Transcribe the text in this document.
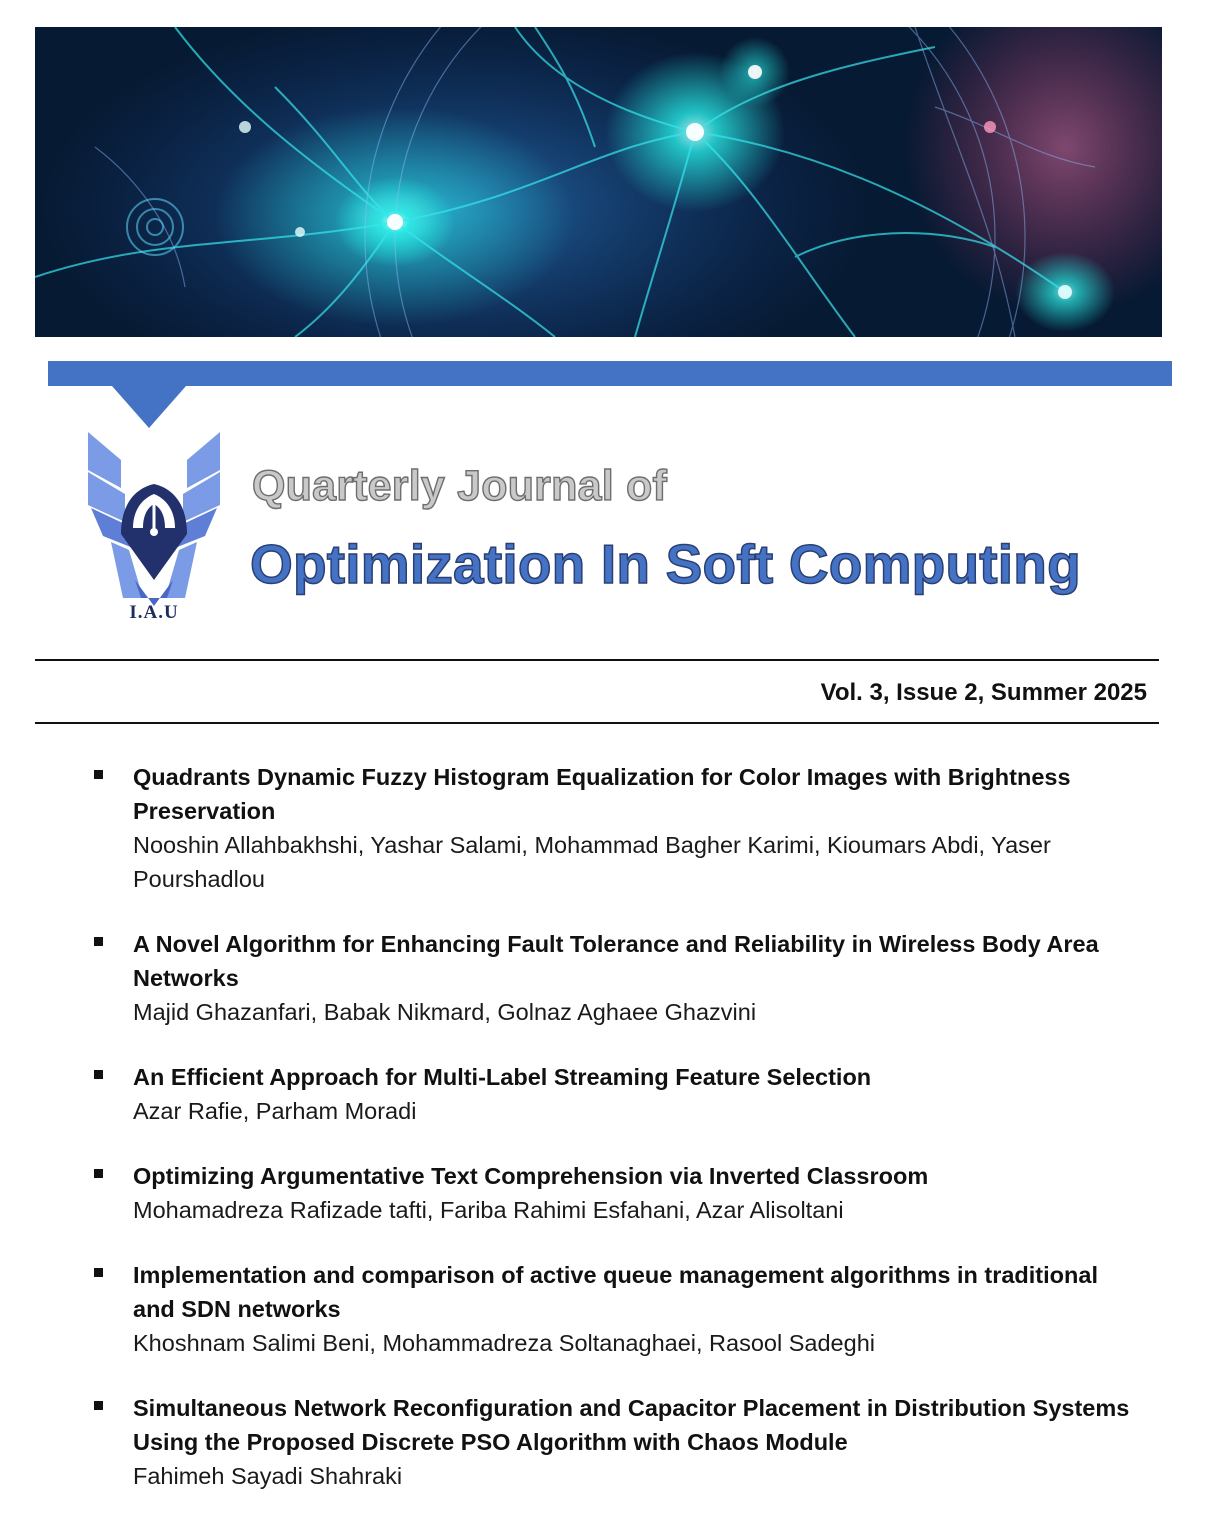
I.A.U
Quarterly Journal of
Optimization In Soft Computing
Vol. 3, Issue 2, Summer 2025

Quadrants Dynamic Fuzzy Histogram Equalization for Color Images with Brightness Preservation

Nooshin Allahbakhshi, Yashar Salami, Mohammad Bagher Karimi, Kioumars Abdi, Yaser Pourshadlou

A Novel Algorithm for Enhancing Fault Tolerance and Reliability in Wireless Body Area Networks

Majid Ghazanfari, Babak Nikmard, Golnaz Aghaee Ghazvini

An Efficient Approach for Multi-Label Streaming Feature Selection

Azar Rafie, Parham Moradi

Optimizing Argumentative Text Comprehension via Inverted Classroom

Mohamadreza Rafizade tafti, Fariba Rahimi Esfahani, Azar Alisoltani

Implementation and comparison of active queue management algorithms in traditional and SDN networks

Khoshnam Salimi Beni, Mohammadreza Soltanaghaei, Rasool Sadeghi

Simultaneous Network Reconfiguration and Capacitor Placement in Distribution Systems Using the Proposed Discrete PSO Algorithm with Chaos Module

Fahimeh Sayadi Shahraki
